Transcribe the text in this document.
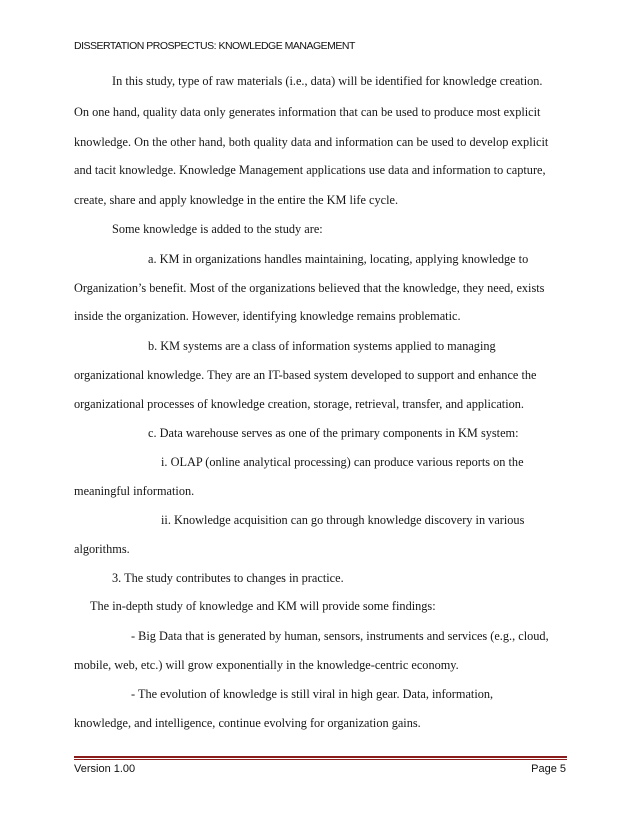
DISSERTATION PROSPECTUS: KNOWLEDGE MANAGEMENT
In this study, type of raw materials (i.e., data) will be identified for knowledge creation.
On one hand, quality data only generates information that can be used to produce most explicit
knowledge. On the other hand, both quality data and information can be used to develop explicit
and tacit knowledge. Knowledge Management applications use data and information to capture,
create, share and apply knowledge in the entire the KM life cycle.
Some knowledge is added to the study are:
a. KM in organizations handles maintaining, locating, applying knowledge to
Organization’s benefit. Most of the organizations believed that the knowledge, they need, exists
inside the organization. However, identifying knowledge remains problematic.
b. KM systems are a class of information systems applied to managing
organizational knowledge. They are an IT-based system developed to support and enhance the
organizational processes of knowledge creation, storage, retrieval, transfer, and application.
c. Data warehouse serves as one of the primary components in KM system:
i. OLAP (online analytical processing) can produce various reports on the
meaningful information.
ii. Knowledge acquisition can go through knowledge discovery in various
algorithms.
3. The study contributes to changes in practice.
The in-depth study of knowledge and KM will provide some findings:
- Big Data that is generated by human, sensors, instruments and services (e.g., cloud,
mobile, web, etc.) will grow exponentially in the knowledge-centric economy.
- The evolution of knowledge is still viral in high gear. Data, information,
knowledge, and intelligence, continue evolving for organization gains.
Version 1.00	Page 5
